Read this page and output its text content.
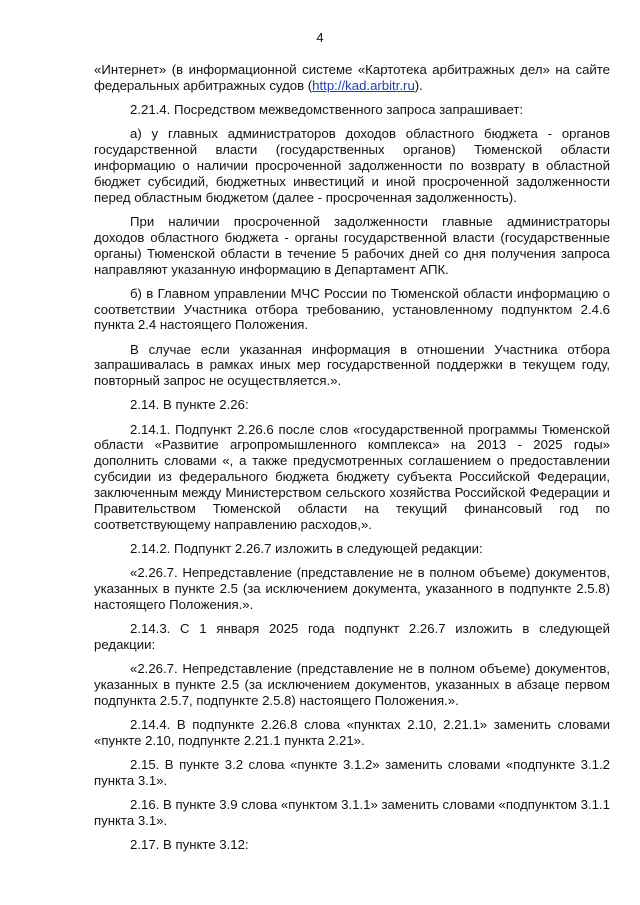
4

«Интернет» (в информационной системе «Картотека арбитражных дел» на сайте федеральных арбитражных судов (http://kad.arbitr.ru).

2.21.4. Посредством межведомственного запроса запрашивает:

а) у главных администраторов доходов областного бюджета - органов государственной власти (государственных органов) Тюменской области информацию о наличии просроченной задолженности по возврату в областной бюджет субсидий, бюджетных инвестиций и иной просроченной задолженности перед областным бюджетом (далее - просроченная задолженность).

При наличии просроченной задолженности главные администраторы доходов областного бюджета - органы государственной власти (государственные органы) Тюменской области в течение 5 рабочих дней со дня получения запроса направляют указанную информацию в Департамент АПК.

б) в Главном управлении МЧС России по Тюменской области информацию о соответствии Участника отбора требованию, установленному подпунктом 2.4.6 пункта 2.4 настоящего Положения.

В случае если указанная информация в отношении Участника отбора запрашивалась в рамках иных мер государственной поддержки в текущем году, повторный запрос не осуществляется.».

2.14. В пункте 2.26:

2.14.1. Подпункт 2.26.6 после слов «государственной программы Тюменской области «Развитие агропромышленного комплекса» на 2013 - 2025 годы» дополнить словами «, а также предусмотренных соглашением о предоставлении субсидии из федерального бюджета бюджету субъекта Российской Федерации, заключенным между Министерством сельского хозяйства Российской Федерации и Правительством Тюменской области на текущий финансовый год по соответствующему направлению расходов,».

2.14.2. Подпункт 2.26.7 изложить в следующей редакции:

«2.26.7. Непредставление (представление не в полном объеме) документов, указанных в пункте 2.5 (за исключением документа, указанного в подпункте 2.5.8) настоящего Положения.».

2.14.3. С 1 января 2025 года подпункт 2.26.7 изложить в следующей редакции:

«2.26.7. Непредставление (представление не в полном объеме) документов, указанных в пункте 2.5 (за исключением документов, указанных в абзаце первом подпункта 2.5.7, подпункте 2.5.8) настоящего Положения.».

2.14.4. В подпункте 2.26.8 слова «пунктах 2.10, 2.21.1» заменить словами «пункте 2.10, подпункте 2.21.1 пункта 2.21».

2.15. В пункте 3.2 слова «пункте 3.1.2» заменить словами «подпункте 3.1.2 пункта 3.1».

2.16. В пункте 3.9 слова «пунктом 3.1.1» заменить словами «подпунктом 3.1.1 пункта 3.1».

2.17. В пункте 3.12:
